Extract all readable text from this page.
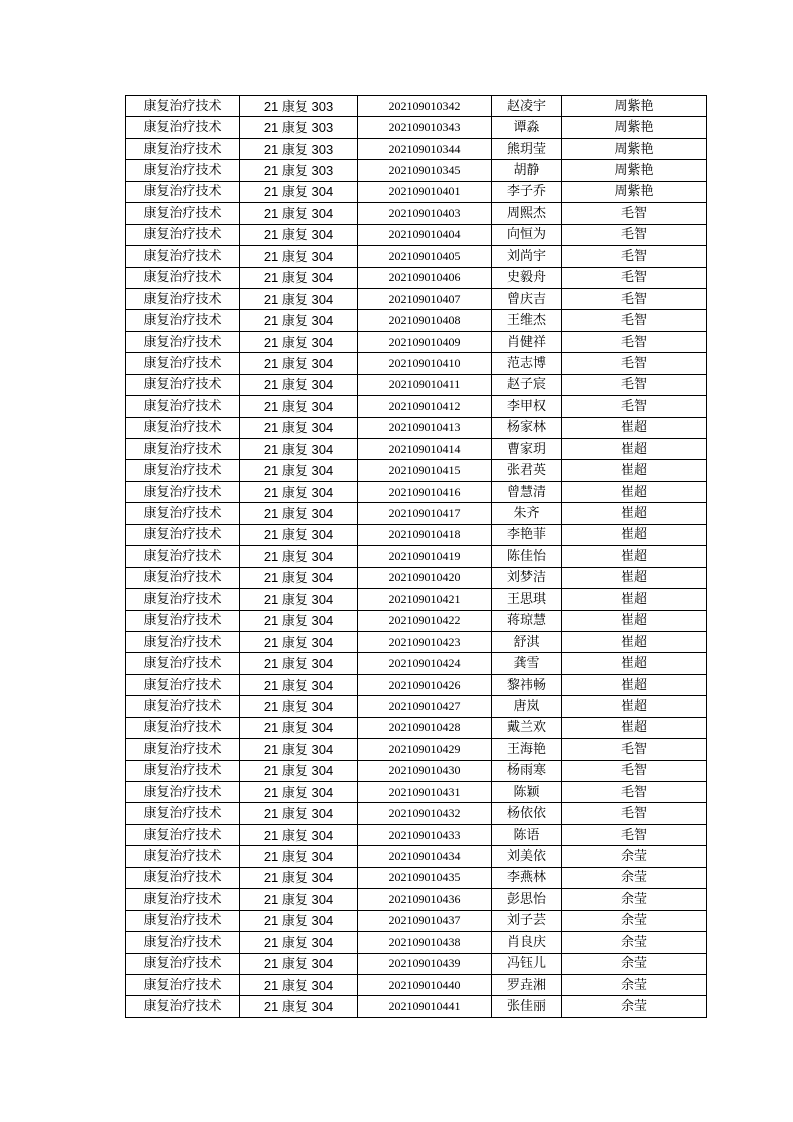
康复治疗技术	21 康复 303	202109010342	赵凌宇	周紫艳
康复治疗技术	21 康复 303	202109010343	谭淼	周紫艳
康复治疗技术	21 康复 303	202109010344	熊玥莹	周紫艳
康复治疗技术	21 康复 303	202109010345	胡静	周紫艳
康复治疗技术	21 康复 304	202109010401	李子乔	周紫艳
康复治疗技术	21 康复 304	202109010403	周熙杰	毛智
康复治疗技术	21 康复 304	202109010404	向恒为	毛智
康复治疗技术	21 康复 304	202109010405	刘尚宇	毛智
康复治疗技术	21 康复 304	202109010406	史毅舟	毛智
康复治疗技术	21 康复 304	202109010407	曾庆吉	毛智
康复治疗技术	21 康复 304	202109010408	王维杰	毛智
康复治疗技术	21 康复 304	202109010409	肖健祥	毛智
康复治疗技术	21 康复 304	202109010410	范志博	毛智
康复治疗技术	21 康复 304	202109010411	赵子宸	毛智
康复治疗技术	21 康复 304	202109010412	李甲权	毛智
康复治疗技术	21 康复 304	202109010413	杨家林	崔超
康复治疗技术	21 康复 304	202109010414	曹家玥	崔超
康复治疗技术	21 康复 304	202109010415	张君英	崔超
康复治疗技术	21 康复 304	202109010416	曾慧清	崔超
康复治疗技术	21 康复 304	202109010417	朱齐	崔超
康复治疗技术	21 康复 304	202109010418	李艳菲	崔超
康复治疗技术	21 康复 304	202109010419	陈佳怡	崔超
康复治疗技术	21 康复 304	202109010420	刘梦洁	崔超
康复治疗技术	21 康复 304	202109010421	王思琪	崔超
康复治疗技术	21 康复 304	202109010422	蒋琼慧	崔超
康复治疗技术	21 康复 304	202109010423	舒淇	崔超
康复治疗技术	21 康复 304	202109010424	龚雪	崔超
康复治疗技术	21 康复 304	202109010426	黎祎畅	崔超
康复治疗技术	21 康复 304	202109010427	唐岚	崔超
康复治疗技术	21 康复 304	202109010428	戴兰欢	崔超
康复治疗技术	21 康复 304	202109010429	王海艳	毛智
康复治疗技术	21 康复 304	202109010430	杨雨寒	毛智
康复治疗技术	21 康复 304	202109010431	陈颖	毛智
康复治疗技术	21 康复 304	202109010432	杨依依	毛智
康复治疗技术	21 康复 304	202109010433	陈语	毛智
康复治疗技术	21 康复 304	202109010434	刘美依	余莹
康复治疗技术	21 康复 304	202109010435	李燕林	余莹
康复治疗技术	21 康复 304	202109010436	彭思怡	余莹
康复治疗技术	21 康复 304	202109010437	刘子芸	余莹
康复治疗技术	21 康复 304	202109010438	肖良庆	余莹
康复治疗技术	21 康复 304	202109010439	冯钰儿	余莹
康复治疗技术	21 康复 304	202109010440	罗垚湘	余莹
康复治疗技术	21 康复 304	202109010441	张佳丽	余莹
